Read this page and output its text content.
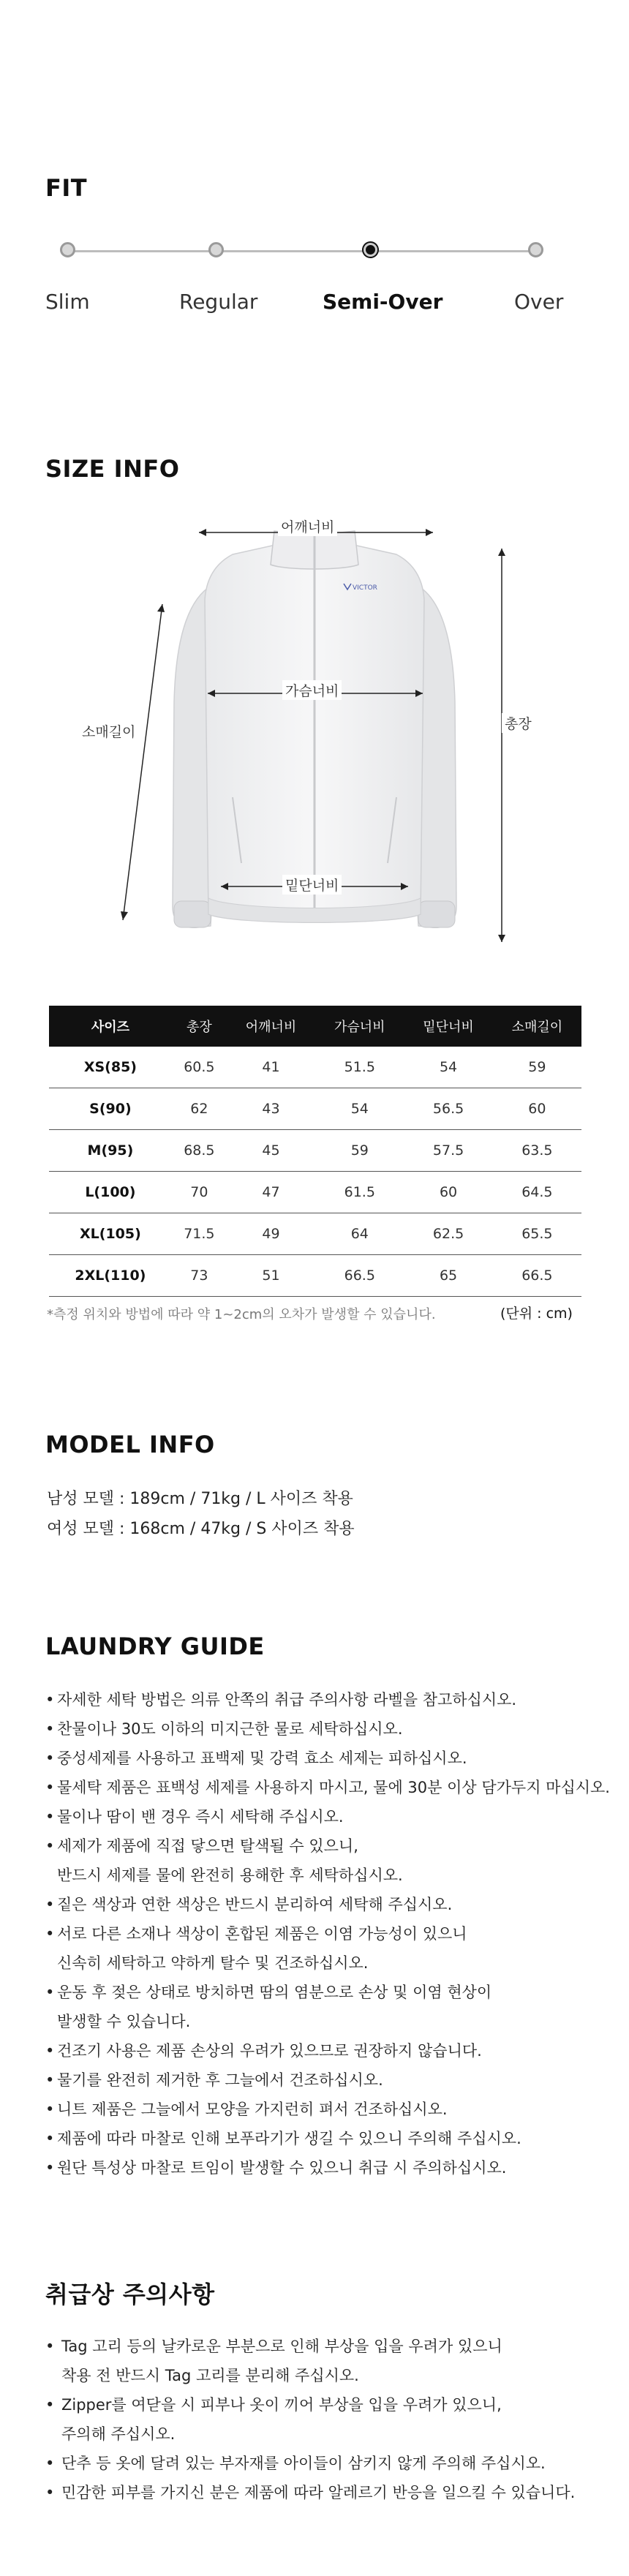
FIT
Slim	Regular	Semi-Over	Over
SIZE INFO
VICTOR
어깨너비
가슴너비
밑단너비
소매길이	총장
사이즈	총장	어깨너비	가슴너비	밑단너비	소매길이
XS(85)	60.5	41	51.5	54	59
S(90)	62	43	54	56.5	60
M(95)	68.5	45	59	57.5	63.5
L(100)	70	47	61.5	60	64.5
XL(105)	71.5	49	64	62.5	65.5
2XL(110)	73	51	66.5	65	66.5
*측정 위치와 방법에 따라 약 1~2cm의 오차가 발생할 수 있습니다.	(단위 : cm)
MODEL INFO
남성 모델 : 189cm / 71kg / L 사이즈 착용
여성 모델 : 168cm / 47kg / S 사이즈 착용
LAUNDRY GUIDE
• 자세한 세탁 방법은 의류 안쪽의 취급 주의사항 라벨을 참고하십시오.
• 찬물이나 30도 이하의 미지근한 물로 세탁하십시오.
• 중성세제를 사용하고 표백제 및 강력 효소 세제는 피하십시오.
• 물세탁 제품은 표백성 세제를 사용하지 마시고, 물에 30분 이상 담가두지 마십시오.
• 물이나 땀이 밴 경우 즉시 세탁해 주십시오.
• 세제가 제품에 직접 닿으면 탈색될 수 있으니,
반드시 세제를 물에 완전히 용해한 후 세탁하십시오.
• 짙은 색상과 연한 색상은 반드시 분리하여 세탁해 주십시오.
• 서로 다른 소재나 색상이 혼합된 제품은 이염 가능성이 있으니
신속히 세탁하고 약하게 탈수 및 건조하십시오.
• 운동 후 젖은 상태로 방치하면 땀의 염분으로 손상 및 이염 현상이
발생할 수 있습니다.
• 건조기 사용은 제품 손상의 우려가 있으므로 권장하지 않습니다.
• 물기를 완전히 제거한 후 그늘에서 건조하십시오.
• 니트 제품은 그늘에서 모양을 가지런히 펴서 건조하십시오.
• 제품에 따라 마찰로 인해 보푸라기가 생길 수 있으니 주의해 주십시오.
• 원단 특성상 마찰로 트임이 발생할 수 있으니 취급 시 주의하십시오.
취급상 주의사항
• Tag 고리 등의 날카로운 부분으로 인해 부상을 입을 우려가 있으니
착용 전 반드시 Tag 고리를 분리해 주십시오.
• Zipper를 여닫을 시 피부나 옷이 끼어 부상을 입을 우려가 있으니,
주의해 주십시오.
• 단추 등 옷에 달려 있는 부자재를 아이들이 삼키지 않게 주의해 주십시오.
• 민감한 피부를 가지신 분은 제품에 따라 알레르기 반응을 일으킬 수 있습니다.
